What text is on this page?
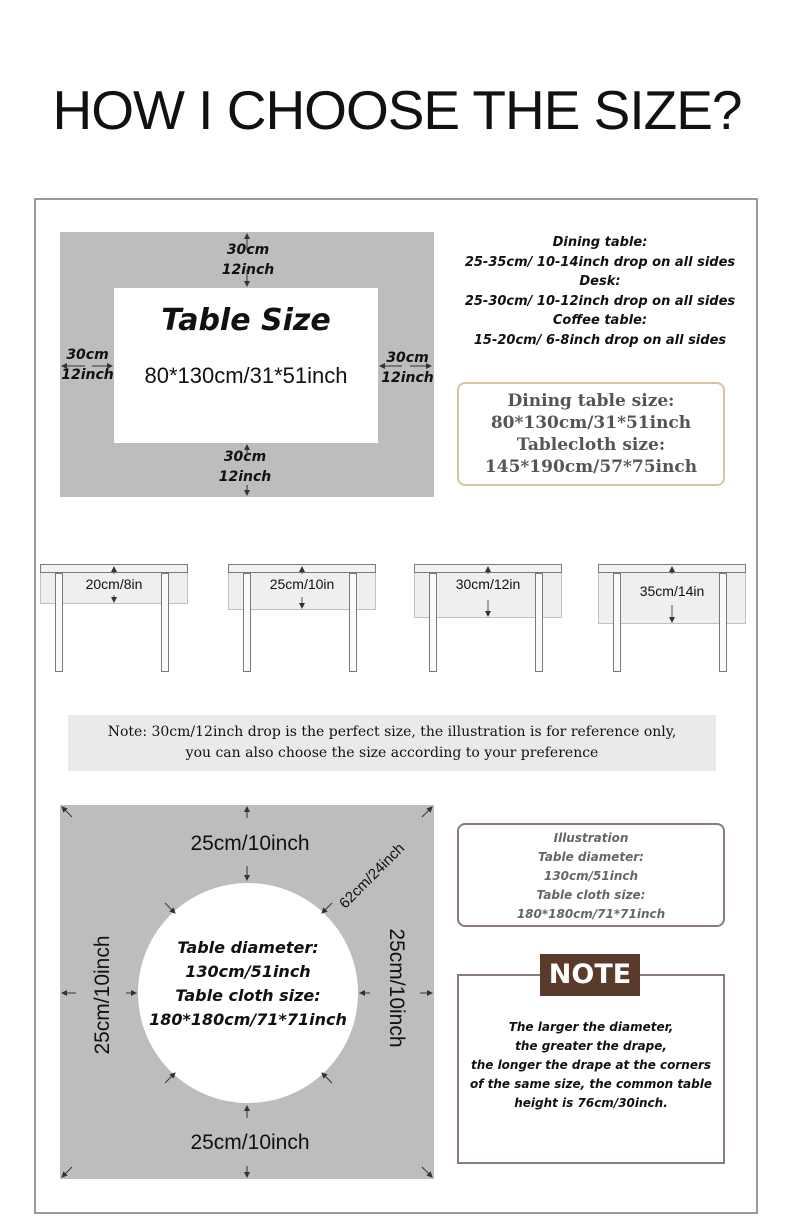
HOW I CHOOSE THE SIZE?
30cm
12inch
30cm
12inch
30cm
12inch
30cm
12inch
Table Size
80*130cm/31*51inch
Dining table:
25-35cm/ 10-14inch drop on all sides
Desk:
25-30cm/ 10-12inch drop on all sides
Coffee table:
15-20cm/ 6-8inch drop on all sides
Dining table size:
80*130cm/31*51inch
Tablecloth size:
145*190cm/57*75inch
20cm/8in	25cm/10in	30cm/12in	35cm/14in
Note: 30cm/12inch drop is the perfect size, the illustration is for reference only,
you can also choose the size according to your preference
25cm/10inch
25cm/10inch
25cm/10inch	25cm/10inch
62cm/24inch
Table diameter:
130cm/51inch
Table cloth size:
180*180cm/71*71inch
Illustration
Table diameter:
130cm/51inch
Table cloth size:
180*180cm/71*71inch
NOTE
The larger the diameter,
the greater the drape,
the longer the drape at the corners
of the same size, the common table
height is 76cm/30inch.
